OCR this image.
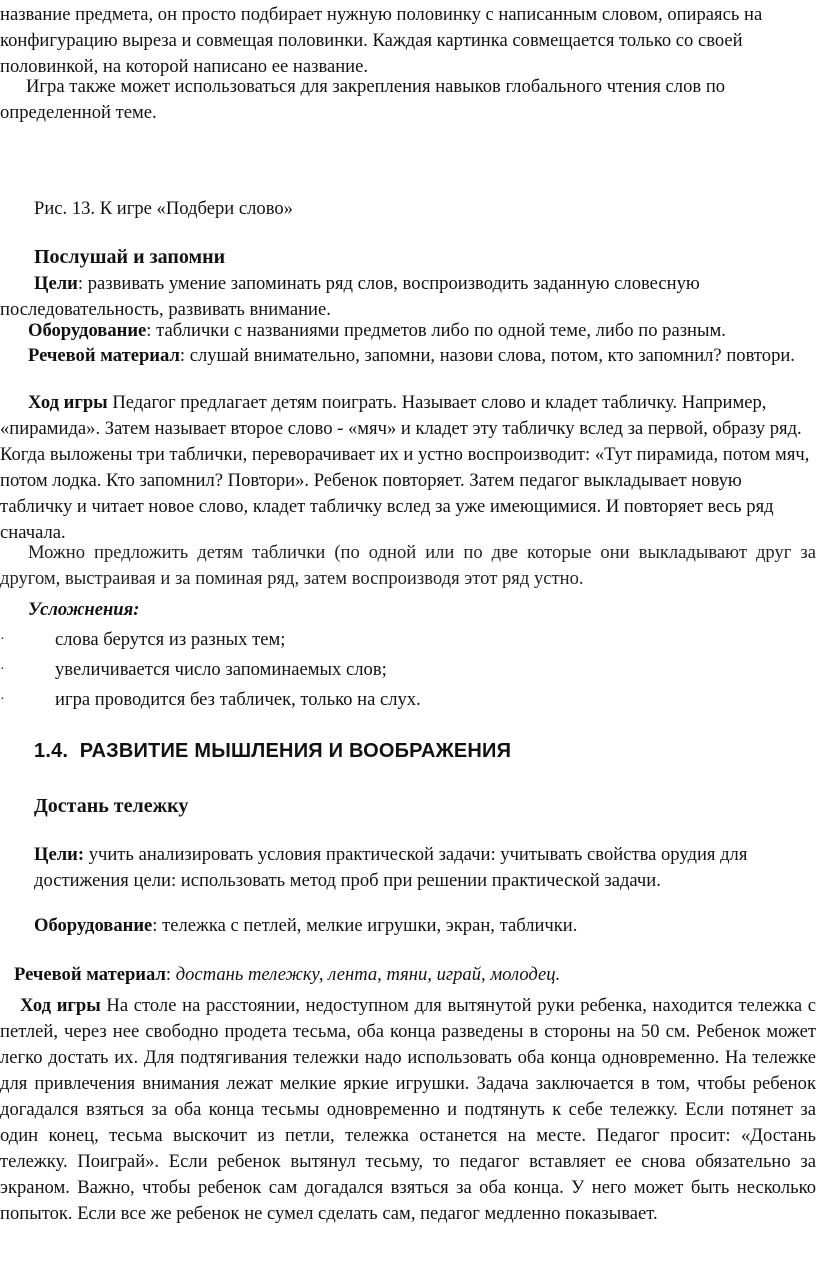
название предмета, он просто подбирает нужную половинку с написанным словом, опираясь на конфигурацию выреза и совмещая половинки. Каждая картинка совмещается только со своей половинкой, на которой написано ее название.

Игра также может использоваться для закрепления навыков глобального чтения слов по определенной теме.

Рис. 13. К игре «Подбери слово»

Послушай и запомни

Цели: развивать умение запоминать ряд слов, воспроизводить заданную словесную последовательность, развивать внимание.

Оборудование: таблички с названиями предметов либо по одной теме, либо по разным.

Речевой материал: слушай внимательно, запомни, назови слова, потом, кто запомнил? повтори.

Ход игры Педагог предлагает детям поиграть. Называет слово и кладет табличку. Например, «пирамида». Затем называет второе слово - «мяч» и кладет эту табличку вслед за первой, образу ряд. Когда выложены три таблички, переворачивает их и устно воспроизводит: «Тут пирамида, потом мяч, потом лодка. Кто запомнил? Повтори». Ребенок повторяет. Затем педагог выкладывает новую табличку и читает новое слово, кладет табличку вслед за уже имеющимися. И повторяет весь ряд сначала.

Можно предложить детям таблички (по одной или по две которые они выкладывают друг за другом, выстраивая и за поминая ряд, затем воспроизводя этот ряд устно.

Усложнения:

·	слова берутся из разных тем;
·	увеличивается число запоминаемых слов;
·	игра проводится без табличек, только на слух.
1.4. РАЗВИТИЕ МЫШЛЕНИЯ И ВООБРАЖЕНИЯ
Достань тележку

Цели: учить анализировать условия практической задачи: учитывать свойства орудия для достижения цели: использовать метод проб при решении практической задачи.

Оборудование: тележка с петлей, мелкие игрушки, экран, таблички.

Речевой материал: достань тележку, лента, тяни, играй, молодец.

Ход игры На столе на расстоянии, недоступном для вытянутой руки ребенка, находится тележка с петлей, через нее свободно продета тесьма, оба конца разведены в стороны на 50 см. Ребенок может легко достать их. Для подтягивания тележки надо использовать оба конца одновременно. На тележке для привлечения внимания лежат мелкие яркие игрушки. Задача заключается в том, чтобы ребенок догадался взяться за оба конца тесьмы одновременно и подтянуть к себе тележку. Если потянет за один конец, тесьма выскочит из петли, тележка останется на месте. Педагог просит: «Достань тележку. Поиграй». Если ребенок вытянул тесьму, то педагог вставляет ее снова обязательно за экраном. Важно, чтобы ребенок сам догадался взяться за оба конца. У него может быть несколько попыток. Если все же ребенок не сумел сделать сам, педагог медленно показывает.
